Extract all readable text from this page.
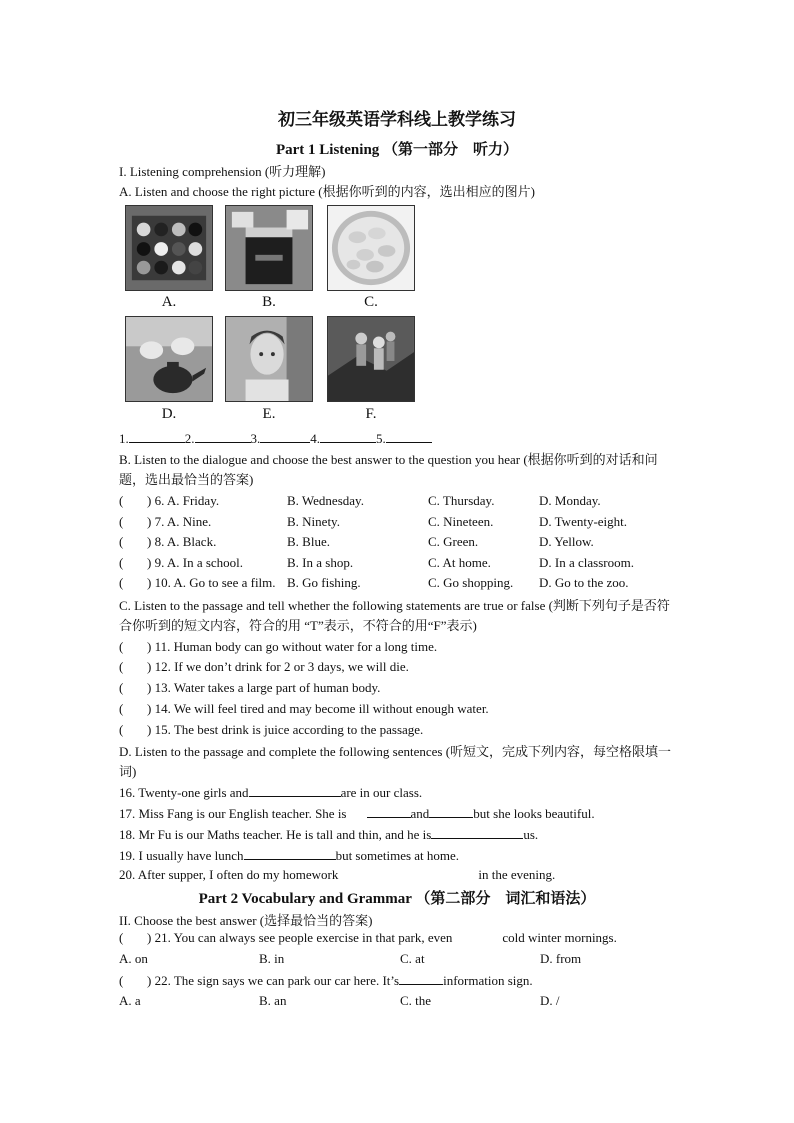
初三年级英语学科线上教学练习
Part 1 Listening （第一部分　听力）
I. Listening comprehension (听力理解)
A. Listen and choose the right picture (根据你听到的内容，选出相应的图片)
A.	B.	C.
D.	E.	F.
1.	2.	3.	4.	5.
B. Listen to the dialogue and choose the best answer to the question you hear (根据你听到的对话和问题，选出最恰当的答案)
( ) 6. A. Friday.	B. Wednesday.	C. Thursday.	D. Monday.
( ) 7. A. Nine.	B. Ninety.	C. Nineteen.	D. Twenty-eight.
( ) 8. A. Black.	B. Blue.	C. Green.	D. Yellow.
( ) 9. A. In a school.	B. In a shop.	C. At home.	D. In a classroom.
( ) 10. A. Go to see a film. B. Go fishing.	C. Go shopping. D. Go to the zoo.
C. Listen to the passage and tell whether the following statements are true or false (判断下列句子是否符合你听到的短文内容，符合的用 “T”表示，不符合的用“F”表示)
( ) 11. Human body can go without water for a long time.
( ) 12. If we don’t drink for 2 or 3 days, we will die.
( ) 13. Water takes a large part of human body.
( ) 14. We will feel tired and may become ill without enough water.
( ) 15. The best drink is juice according to the passage.
D. Listen to the passage and complete the following sentences (听短文，完成下列内容，每空格限填一词)
16. Twenty-one girls and	are in our class.
17. Miss Fang is our English teacher. She is	and	but she looks beautiful.
18. Mr Fu is our Maths teacher. He is tall and thin, and he is	us.
19. I usually have lunch	but sometimes at home.
20. After supper, I often do my homework	in the evening.
Part 2 Vocabulary and Grammar （第二部分　词汇和语法）
II. Choose the best answer (选择最恰当的答案)
( ) 21. You can always see people exercise in that park, even	cold winter mornings.
A. on	B. in	C. at	D. from
( ) 22. The sign says we can park our car here. It’s	information sign.
A. a	B. an	C. the	D. /
